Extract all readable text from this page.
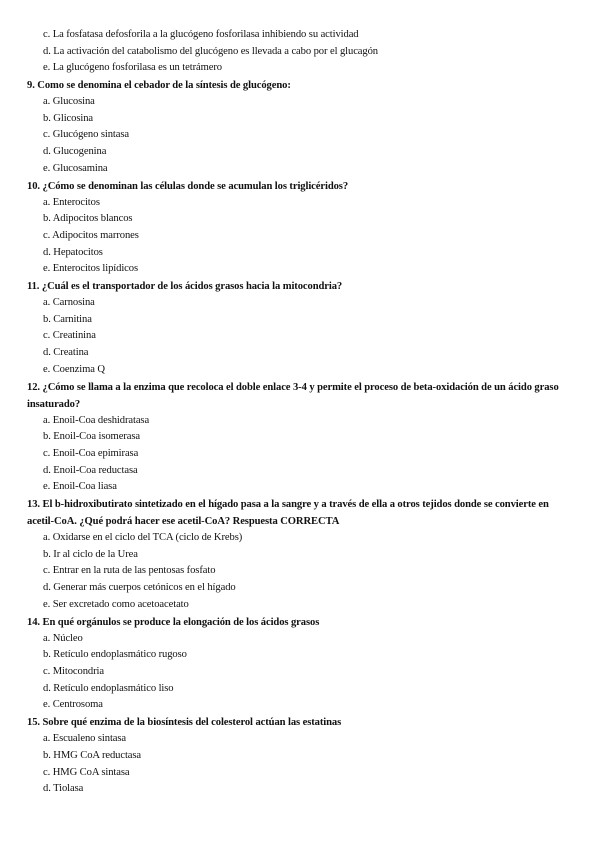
c. La fosfatasa defosforila a la glucógeno fosforilasa inhibiendo su actividad

d. La activación del catabolismo del glucógeno es llevada a cabo por el glucagón

e. La glucógeno fosforilasa es un tetrámero

9. Como se denomina el cebador de la síntesis de glucógeno:

a. Glucosina

b. Glicosina

c. Glucógeno sintasa

d. Glucogenina

e. Glucosamina

10. ¿Cómo se denominan las células donde se acumulan los triglicéridos?

a. Enterocitos

b. Adipocitos blancos

c. Adipocitos marrones

d. Hepatocitos

e. Enterocitos lipídicos

11. ¿Cuál es el transportador de los ácidos grasos hacia la mitocondria?

a. Carnosina

b. Carnitina

c. Creatinina

d. Creatina

e. Coenzima Q

12. ¿Cómo se llama a la enzima que recoloca el doble enlace 3-4 y permite el proceso de beta-oxidación de un ácido graso insaturado?

a. Enoil-Coa deshidratasa

b. Enoil-Coa isomerasa

c. Enoil-Coa epimirasa

d. Enoil-Coa reductasa

e. Enoil-Coa liasa

13. El b-hidroxibutirato sintetizado en el hígado pasa a la sangre y a través de ella a otros tejidos donde se convierte en acetil-CoA. ¿Qué podrá hacer ese acetil-CoA? Respuesta CORRECTA

a. Oxidarse en el ciclo del TCA (ciclo de Krebs)

b. Ir al ciclo de la Urea

c. Entrar en la ruta de las pentosas fosfato

d. Generar más cuerpos cetónicos en el hígado

e. Ser excretado como acetoacetato

14. En qué orgánulos se produce la elongación de los ácidos grasos

a. Núcleo

b. Retículo endoplasmático rugoso

c. Mitocondria

d. Retículo endoplasmático liso

e. Centrosoma

15. Sobre qué enzima de la biosíntesis del colesterol actúan las estatinas

a. Escualeno sintasa

b. HMG CoA reductasa

c. HMG CoA sintasa

d. Tiolasa
